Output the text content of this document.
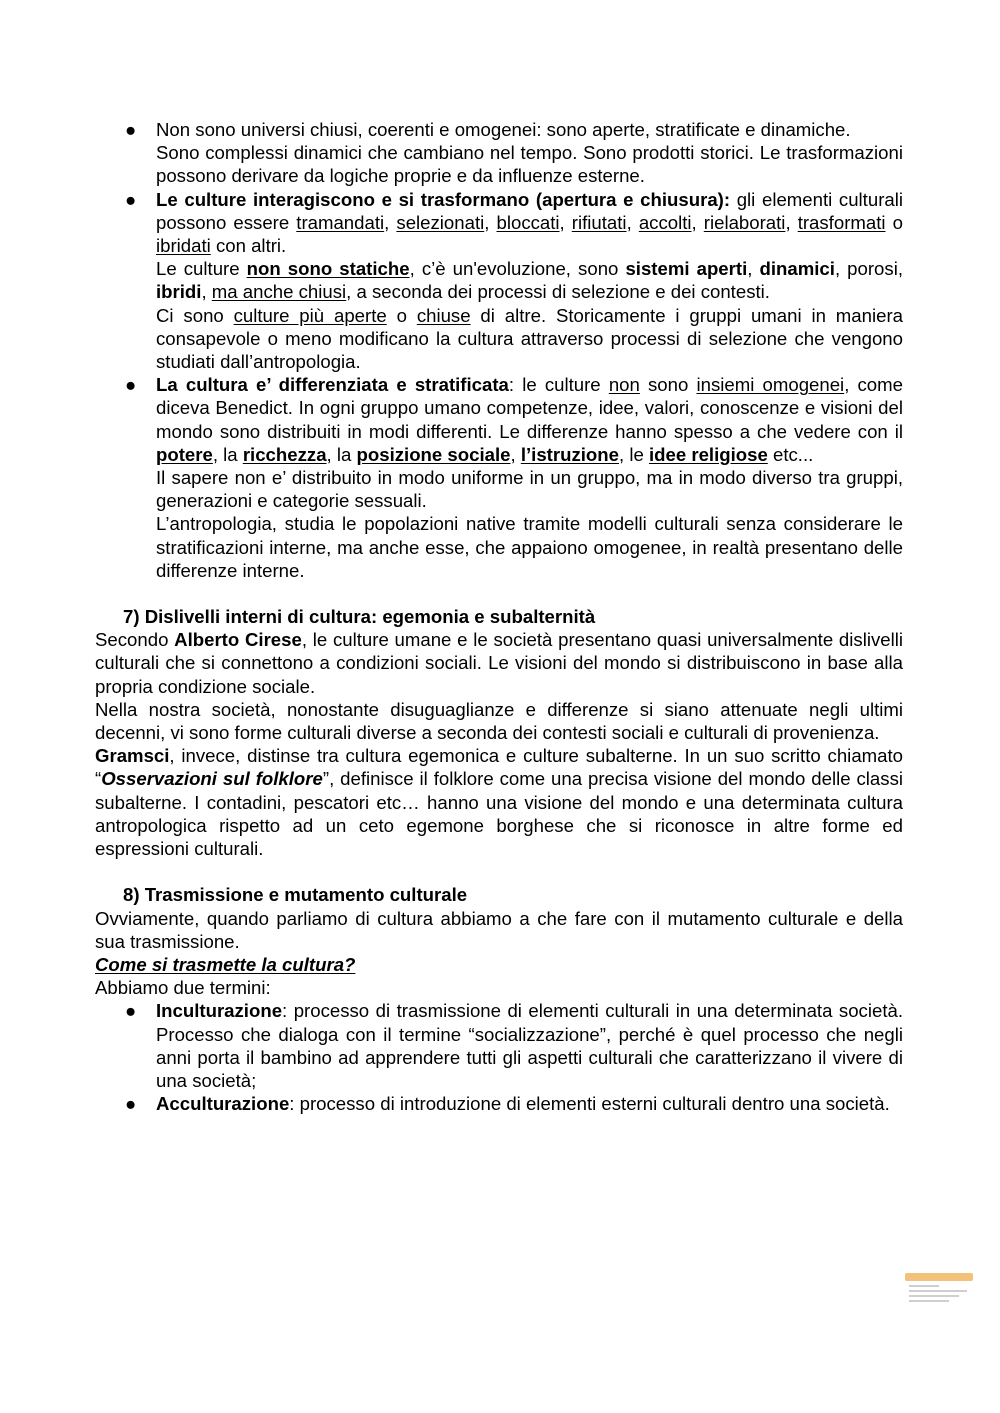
● Non sono universi chiusi, coerenti e omogenei: sono aperte, stratificate e dinamiche.
Sono complessi dinamici che cambiano nel tempo. Sono prodotti storici. Le trasformazioni possono derivare da logiche proprie e da influenze esterne.
● Le culture interagiscono e si trasformano (apertura e chiusura): gli elementi culturali possono essere tramandati, selezionati, bloccati, rifiutati, accolti, rielaborati, trasformati o ibridati con altri.
Le culture non sono statiche, c’è un'evoluzione, sono sistemi aperti, dinamici, porosi, ibridi, ma anche chiusi, a seconda dei processi di selezione e dei contesti.
Ci sono culture più aperte o chiuse di altre. Storicamente i gruppi umani in maniera consapevole o meno modificano la cultura attraverso processi di selezione che vengono studiati dall’antropologia.
● La cultura e’ differenziata e stratificata: le culture non sono insiemi omogenei, come diceva Benedict. In ogni gruppo umano competenze, idee, valori, conoscenze e visioni del mondo sono distribuiti in modi differenti. Le differenze hanno spesso a che vedere con il potere, la ricchezza, la posizione sociale, l’istruzione, le idee religiose etc...
Il sapere non e’ distribuito in modo uniforme in un gruppo, ma in modo diverso tra gruppi, generazioni e categorie sessuali.
L’antropologia, studia le popolazioni native tramite modelli culturali senza considerare le stratificazioni interne, ma anche esse, che appaiono omogenee, in realtà presentano delle differenze interne.

7) Dislivelli interni di cultura: egemonia e subalternità

Secondo Alberto Cirese, le culture umane e le società presentano quasi universalmente dislivelli culturali che si connettono a condizioni sociali. Le visioni del mondo si distribuiscono in base alla propria condizione sociale.

Nella nostra società, nonostante disuguaglianze e differenze si siano attenuate negli ultimi decenni, vi sono forme culturali diverse a seconda dei contesti sociali e culturali di provenienza.

Gramsci, invece, distinse tra cultura egemonica e culture subalterne. In un suo scritto chiamato “Osservazioni sul folklore”, definisce il folklore come una precisa visione del mondo delle classi subalterne. I contadini, pescatori etc… hanno una visione del mondo e una determinata cultura antropologica rispetto ad un ceto egemone borghese che si riconosce in altre forme ed espressioni culturali.

8) Trasmissione e mutamento culturale

Ovviamente, quando parliamo di cultura abbiamo a che fare con il mutamento culturale e della sua trasmissione.

Come si trasmette la cultura?

Abbiamo due termini:

● Inculturazione: processo di trasmissione di elementi culturali in una determinata società. Processo che dialoga con il termine “socializzazione”, perché è quel processo che negli anni porta il bambino ad apprendere tutti gli aspetti culturali che caratterizzano il vivere di una società;
● Acculturazione: processo di introduzione di elementi esterni culturali dentro una società.
